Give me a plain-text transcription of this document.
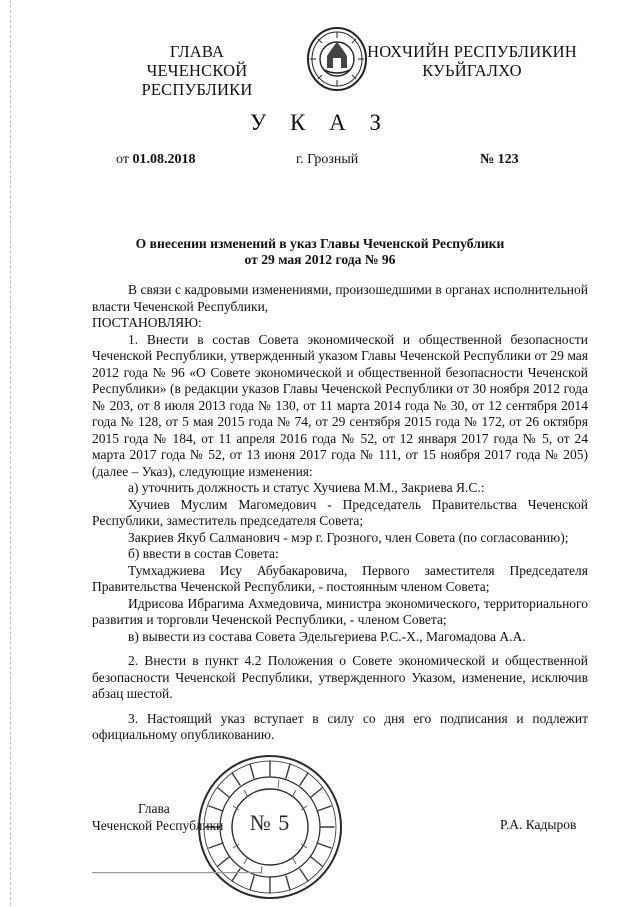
ГЛАВА
ЧЕЧЕНСКОЙ РЕСПУБЛИКИ
НОХЧИЙН РЕСПУБЛИКИН
КУЬЙГАЛХО
У К А З
от 01.08.2018	г. Грозный	№ 123
О внесении изменений в указ Главы Чеченской Республики
от 29 мая 2012 года № 96

В связи с кадровыми изменениями, произошедшими в органах исполнительной власти Чеченской Республики,

ПОСТАНОВЛЯЮ:

1. Внести в состав Совета экономической и общественной безопасности Чеченской Республики, утвержденный указом Главы Чеченской Республики от 29 мая 2012 года № 96 «О Совете экономической и общественной безопасности Чеченской Республики» (в редакции указов Главы Чеченской Республики от 30 ноября 2012 года № 203, от 8 июля 2013 года № 130, от 11 марта 2014 года № 30, от 12 сентября 2014 года № 128, от 5 мая 2015 года № 74, от 29 сентября 2015 года № 172, от 26 октября 2015 года № 184, от 11 апреля 2016 года № 52, от 12 января 2017 года № 5, от 24 марта 2017 года № 52, от 13 июня 2017 года № 111, от 15 ноября 2017 года № 205) (далее – Указ), следующие изменения:

а) уточнить должность и статус Хучиева М.М., Закриева Я.С.:

Хучиев Муслим Магомедович - Председатель Правительства Чеченской Республики, заместитель председателя Совета;

Закриев Якуб Салманович - мэр г. Грозного, член Совета (по согласованию);

б) ввести в состав Совета:

Тумхаджиева Ису Абубакаровича, Первого заместителя Председателя Правительства Чеченской Республики, - постоянным членом Совета;

Идрисова Ибрагима Ахмедовича, министра экономического, территориального развития и торговли Чеченской Республики, - членом Совета;

в) вывести из состава Совета Эдельгериева Р.С.-Х., Магомадова А.А.

2. Внести в пункт 4.2 Положения о Совете экономической и общественной безопасности Чеченской Республики, утвержденного Указом, изменение, исключив абзац шестой.

3. Настоящий указ вступает в силу со дня его подписания и подлежит официальному опубликованию.

№ 5
Глава
Чеченской Республики	Р.А. Кадыров
